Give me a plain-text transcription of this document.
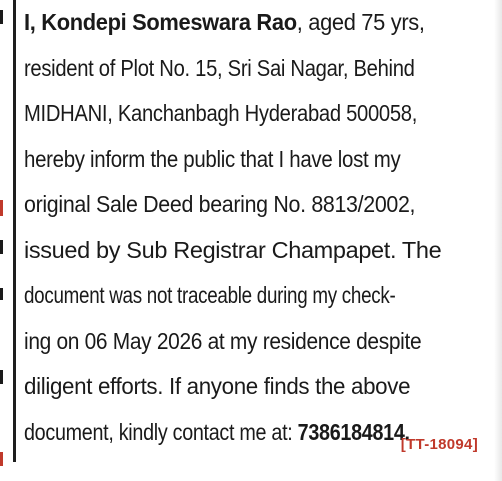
I, Kondepi Someswara Rao, aged 75 yrs,
resident of Plot No. 15, Sri Sai Nagar, Behind
MIDHANI, Kanchanbagh Hyderabad 500058,
hereby inform the public that I have lost my
original Sale Deed bearing No. 8813/2002,
issued by Sub Registrar Champapet. The
document was not traceable during my check-
ing on 06 May 2026 at my residence despite
diligent efforts. If anyone finds the above
document, kindly contact me at: 7386184814.
[TT-18094]
